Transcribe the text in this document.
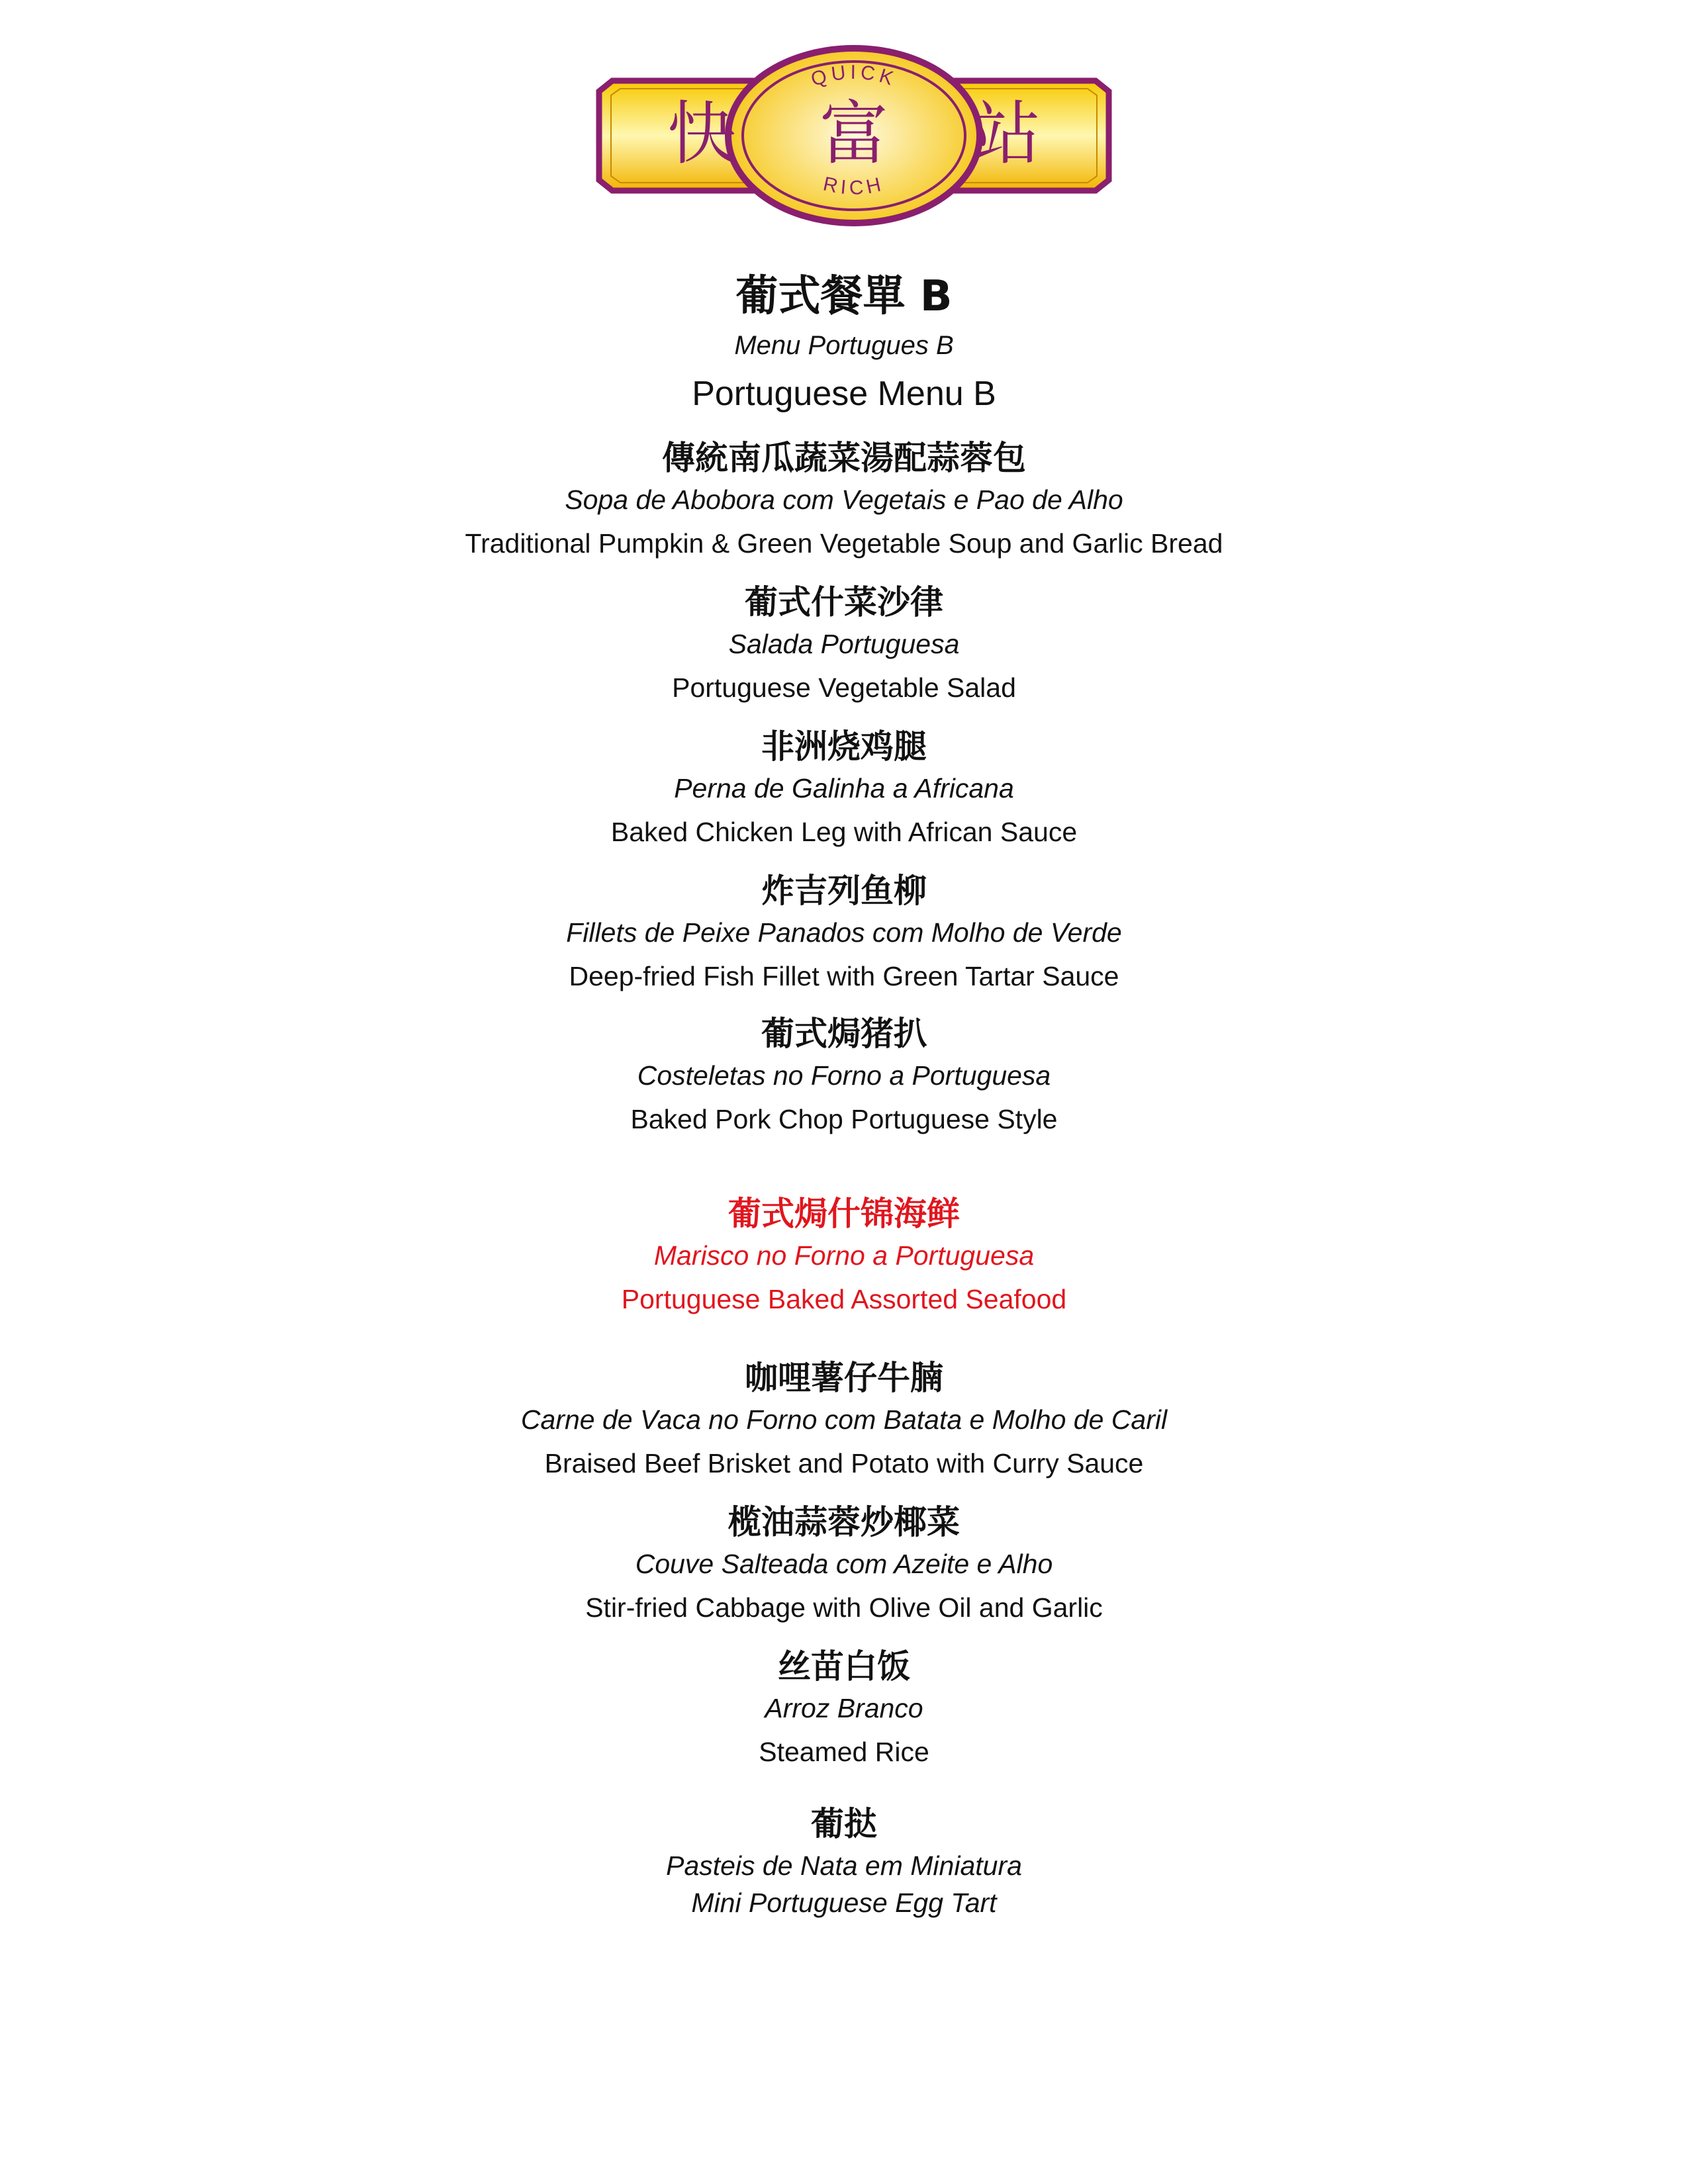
QUICK
RICH
快 富 站
葡式餐單 B
Menu Portugues B
Portuguese Menu B
傳統南瓜蔬菜湯配蒜蓉包
Sopa de Abobora com Vegetais e Pao de Alho
Traditional Pumpkin & Green Vegetable Soup and Garlic Bread
葡式什菜沙律
Salada Portuguesa
Portuguese Vegetable Salad
非洲烧鸡腿
Perna de Galinha a Africana
Baked Chicken Leg with African Sauce
炸吉列鱼柳
Fillets de Peixe Panados com Molho de Verde
Deep-fried Fish Fillet with Green Tartar Sauce
葡式焗猪扒
Costeletas no Forno a Portuguesa
Baked Pork Chop Portuguese Style
葡式焗什锦海鲜
Marisco no Forno a Portuguesa
Portuguese Baked Assorted Seafood
咖哩薯仔牛腩
Carne de Vaca no Forno com Batata e Molho de Caril
Braised Beef Brisket and Potato with Curry Sauce
榄油蒜蓉炒椰菜
Couve Salteada com Azeite e Alho
Stir-fried Cabbage with Olive Oil and Garlic
丝苗白饭
Arroz Branco
Steamed Rice
葡挞
Pasteis de Nata em Miniatura
Mini Portuguese Egg Tart
